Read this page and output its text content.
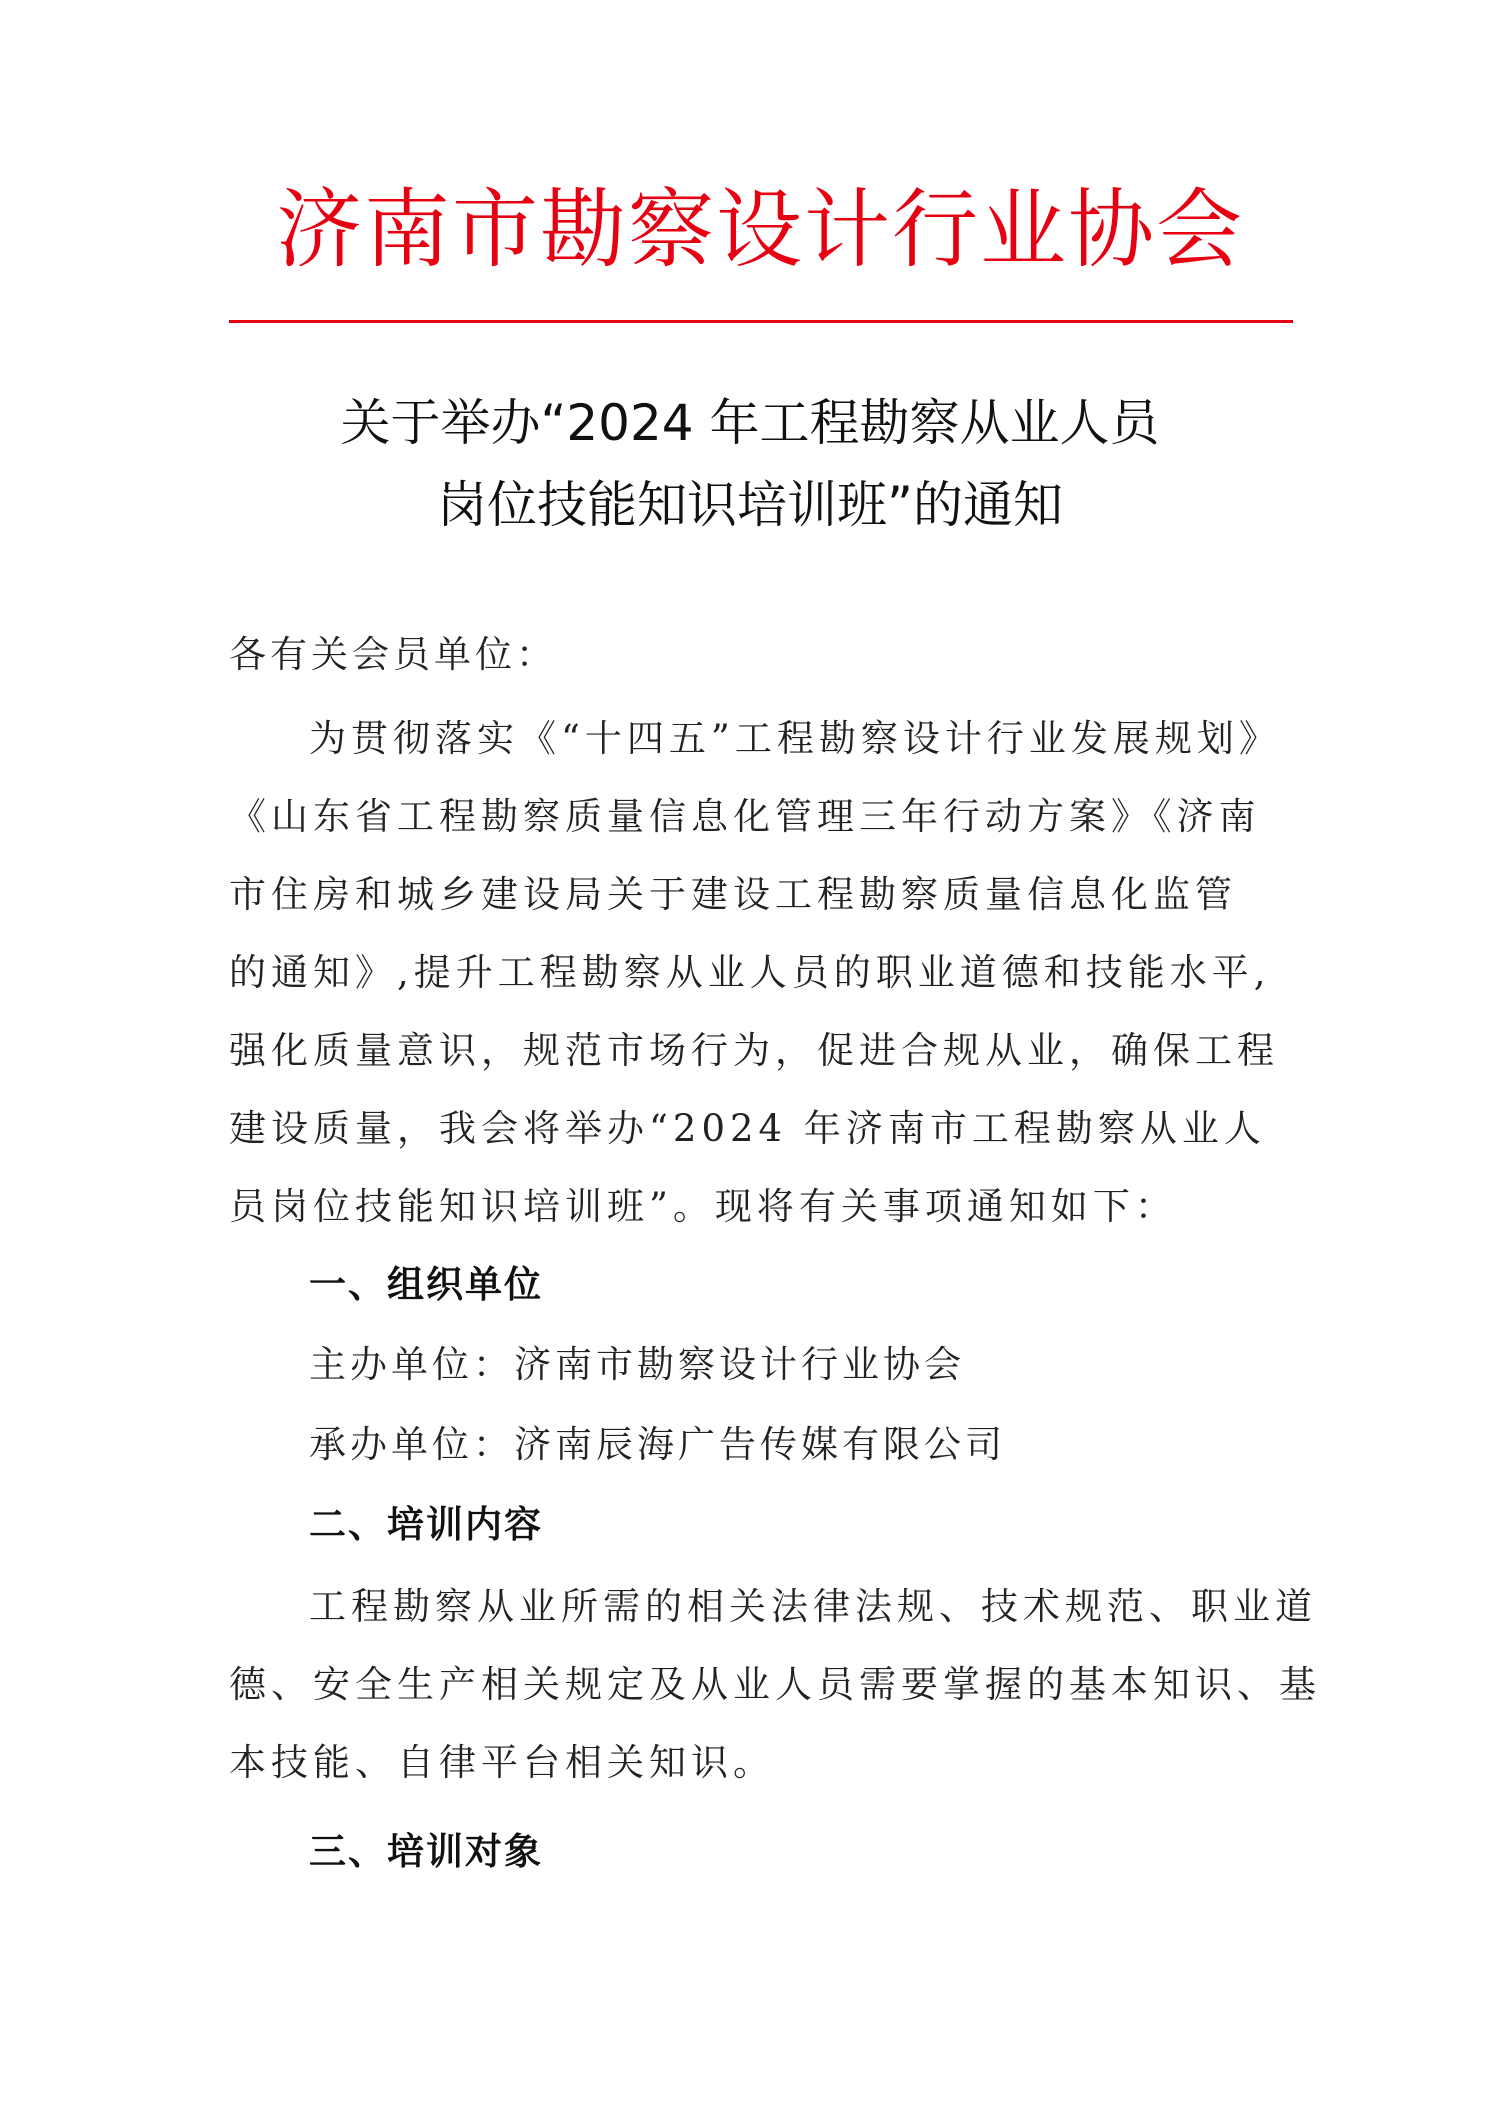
济南市勘察设计行业协会
关于举办“2024 年工程勘察从业人员
岗位技能知识培训班”的通知
各有关会员单位：
为贯彻落实《“十四五”工程勘察设计行业发展规划》
《山东省工程勘察质量信息化管理三年行动方案》《济南
市住房和城乡建设局关于建设工程勘察质量信息化监管
的通知》,提升工程勘察从业人员的职业道德和技能水平,
强化质量意识，规范市场行为，促进合规从业，确保工程
建设质量，我会将举办“2024 年济南市工程勘察从业人
员岗位技能知识培训班”。现将有关事项通知如下：
一、组织单位
主办单位：济南市勘察设计行业协会
承办单位：济南辰海广告传媒有限公司
二、培训内容
工程勘察从业所需的相关法律法规、技术规范、职业道
德、安全生产相关规定及从业人员需要掌握的基本知识、基
本技能、自律平台相关知识。
三、培训对象
